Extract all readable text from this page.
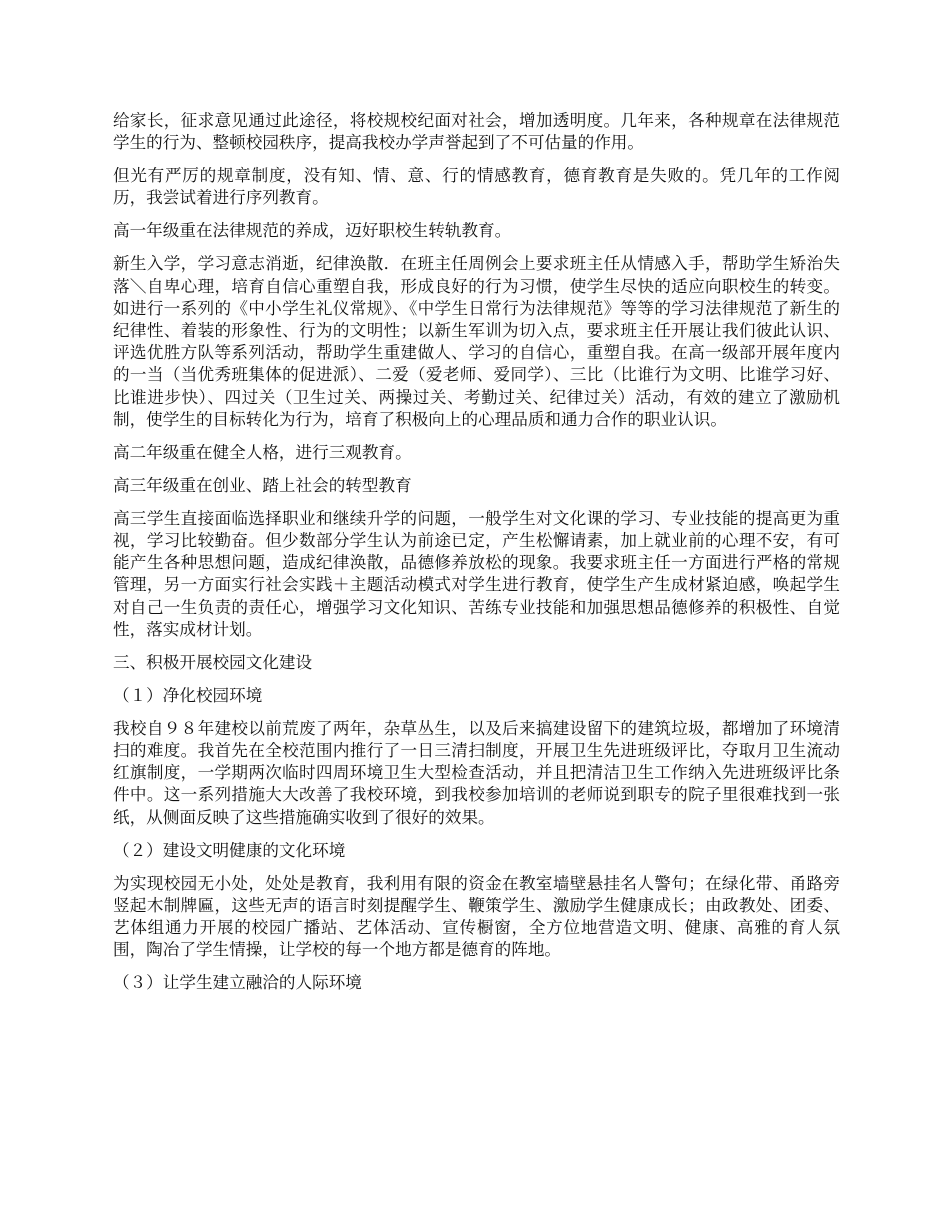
给家长，征求意见通过此途径，将校规校纪面对社会，增加透明度。几年来，各种规章在法律规范学生的行为、整顿校园秩序，提高我校办学声誉起到了不可估量的作用。

但光有严厉的规章制度，没有知、情、意、行的情感教育，德育教育是失败的。凭几年的工作阅历，我尝试着进行序列教育。

高一年级重在法律规范的养成，迈好职校生转轨教育。

新生入学，学习意志消逝，纪律涣散．在班主任周例会上要求班主任从情感入手，帮助学生矫治失落＼自卑心理，培育自信心重塑自我，形成良好的行为习惯，使学生尽快的适应向职校生的转变。如进行一系列的《中小学生礼仪常规》、《中学生日常行为法律规范》等等的学习法律规范了新生的纪律性、着装的形象性、行为的文明性；以新生军训为切入点，要求班主任开展让我们彼此认识、评选优胜方队等系列活动，帮助学生重建做人、学习的自信心，重塑自我。在高一级部开展年度内的一当（当优秀班集体的促进派）、二爱（爱老师、爱同学）、三比（比谁行为文明、比谁学习好、比谁进步快）、四过关（卫生过关、两操过关、考勤过关、纪律过关）活动，有效的建立了激励机制，使学生的目标转化为行为，培育了积极向上的心理品质和通力合作的职业认识。

高二年级重在健全人格，进行三观教育。

高三年级重在创业、踏上社会的转型教育

高三学生直接面临选择职业和继续升学的问题，一般学生对文化课的学习、专业技能的提高更为重视，学习比较勤奋。但少数部分学生认为前途已定，产生松懈请素，加上就业前的心理不安，有可能产生各种思想问题，造成纪律涣散，品德修养放松的现象。我要求班主任一方面进行严格的常规管理，另一方面实行社会实践＋主题活动模式对学生进行教育，使学生产生成材紧迫感，唤起学生对自己一生负责的责任心，增强学习文化知识、苦练专业技能和加强思想品德修养的积极性、自觉性，落实成材计划。

三、积极开展校园文化建设

（１）净化校园环境

我校自９８年建校以前荒废了两年，杂草丛生，以及后来搞建设留下的建筑垃圾，都增加了环境清扫的难度。我首先在全校范围内推行了一日三清扫制度，开展卫生先进班级评比，夺取月卫生流动红旗制度，一学期两次临时四周环境卫生大型检查活动，并且把清洁卫生工作纳入先进班级评比条件中。这一系列措施大大改善了我校环境，到我校参加培训的老师说到职专的院子里很难找到一张纸，从侧面反映了这些措施确实收到了很好的效果。

（２）建设文明健康的文化环境

为实现校园无小处，处处是教育，我利用有限的资金在教室墙壁悬挂名人警句；在绿化带、甬路旁竖起木制牌匾，这些无声的语言时刻提醒学生、鞭策学生、激励学生健康成长；由政教处、团委、艺体组通力开展的校园广播站、艺体活动、宣传橱窗，全方位地营造文明、健康、高雅的育人氛围，陶冶了学生情操，让学校的每一个地方都是德育的阵地。

（３）让学生建立融洽的人际环境
